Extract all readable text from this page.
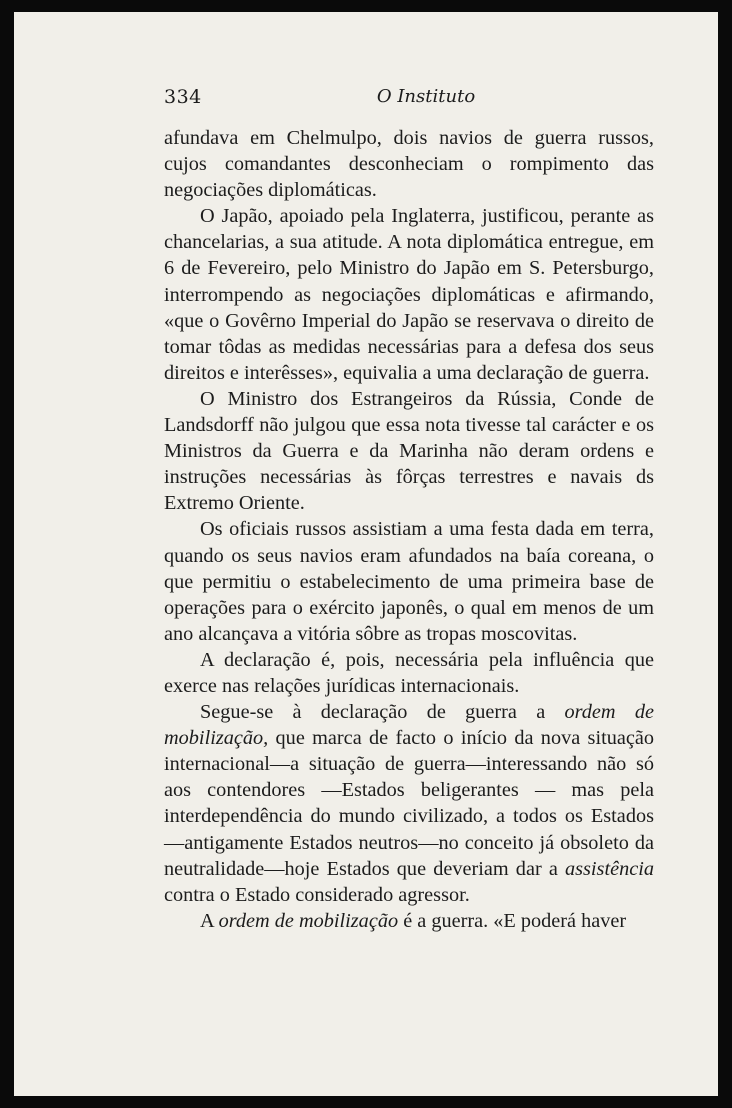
334	O Instituto

afundava em Chelmulpo, dois navios de guerra russos, cujos comandantes desconheciam o rompimento das negociações diplomáticas.

O Japão, apoiado pela Inglaterra, justificou, perante as chancelarias, a sua atitude. A nota diplomática entregue, em 6 de Fevereiro, pelo Ministro do Japão em S. Petersburgo, interrompendo as negociações diplomáticas e afirmando, «que o Govêrno Imperial do Japão se reservava o direito de tomar tôdas as medidas necessárias para a defesa dos seus direitos e interêsses», equivalia a uma declaração de guerra.

O Ministro dos Estrangeiros da Rússia, Conde de Landsdorff não julgou que essa nota tivesse tal carácter e os Ministros da Guerra e da Marinha não deram ordens e instruções necessárias às fôrças terrestres e navais ds Extremo Oriente.

Os oficiais russos assistiam a uma festa dada em terra, quando os seus navios eram afundados na baía coreana, o que permitiu o estabelecimento de uma primeira base de operações para o exército japonês, o qual em menos de um ano alcançava a vitória sôbre as tropas moscovitas.

A declaração é, pois, necessária pela influência que exerce nas relações jurídicas internacionais.

Segue-se à declaração de guerra a ordem de mobilização, que marca de facto o início da nova situação internacional—a situação de guerra—interessando não só aos contendores —Estados beligerantes — mas pela interdependência do mundo civilizado, a todos os Estados—antigamente Estados neutros—no conceito já obsoleto da neutralidade—hoje Estados que deveriam dar a assistência contra o Estado considerado agressor.

A ordem de mobilização é a guerra. «E poderá haver
